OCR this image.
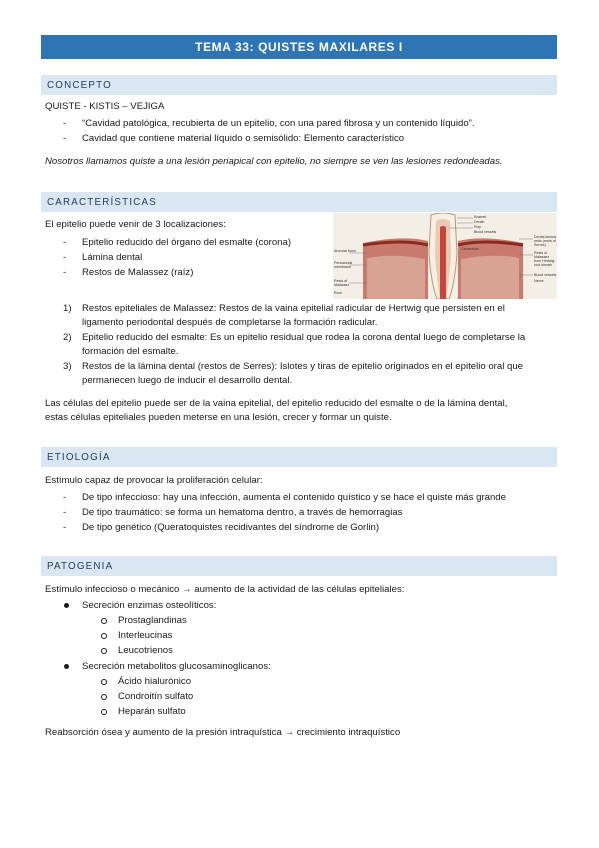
TEMA 33: QUISTES MAXILARES I
CONCEPTO
QUISTE - KISTIS – VEJIGA
- “Cavidad patológica, recubierta de un epitelio, con una pared fibrosa y un contenido líquido”.
- Cavidad que contiene material líquido o semisólido: Elemento característico
Nosotros llamamos quiste a una lesión periapical con epitelio, no siempre se ven las lesiones redondeadas.
CARACTERÍSTICAS
El epitelio puede venir de 3 localizaciones:
- Epitelio reducido del órgano del esmalte (corona)
- Lámina dental
- Restos de Malassez (raíz)
Alveolar bone
Periodontal membrane
Rests of Malassez
Root
Enamel
Dentin
Pulp
Blood vessels
Dental lamina rests (rests of Serres)
Rests of Malassez from Hertwig root sheath
Blood vessels
Nerve
Cementum
1) Restos epiteliales de Malassez: Restos de la vaina epitelial radicular de Hertwig que persisten en el
ligamento periodontal después de completarse la formación radicular.
2) Epitelio reducido del esmalte: Es un epitelio residual que rodea la corona dental luego de completarse la
formación del esmalte.
3) Restos de la lámina dental (restos de Serres): Islotes y tiras de epitelio originados en el epitelio oral que
permanecen luego de inducir el desarrollo dental.
Las células del epitelio puede ser de la vaina epitelial, del epitelio reducido del esmalte o de la lámina dental,
estas células epiteliales pueden meterse en una lesión, crecer y formar un quiste.
ETIOLOGÍA
Estímulo capaz de provocar la proliferación celular:
- De tipo infeccioso: hay una infección, aumenta el contenido quístico y se hace el quiste más grande
- De tipo traumático: se forma un hematoma dentro, a través de hemorragias
- De tipo genético (Queratoquistes recidivantes del síndrome de Gorlin)
PATOGENIA
Estímulo infeccioso o mecánico → aumento de la actividad de las células epiteliales:
Secreción enzimas osteolíticos:
Prostaglandinas
Interleucinas
Leucotrienos
Secreción metabolitos glucosaminoglicanos:
Ácido hialurónico
Condroitín sulfato
Heparán sulfato
Reabsorción ósea y aumento de la presión intraquística → crecimiento intraquístico
